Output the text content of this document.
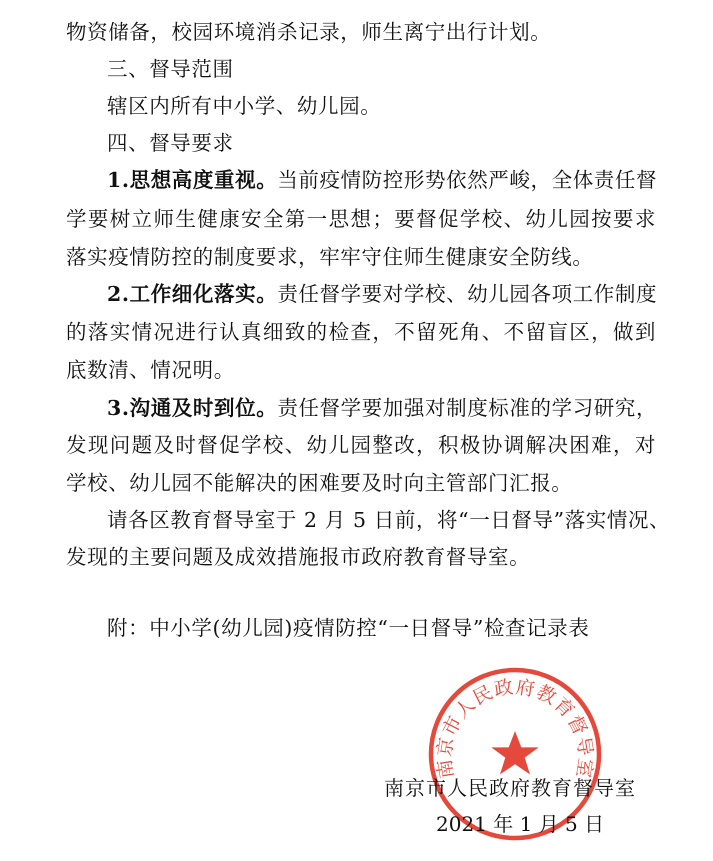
物资储备，校园环境消杀记录，师生离宁出行计划。
三、督导范围
辖区内所有中小学、幼儿园。
四、督导要求
1.思想高度重视。当前疫情防控形势依然严峻，全体责任督
学要树立师生健康安全第一思想；要督促学校、幼儿园按要求
落实疫情防控的制度要求，牢牢守住师生健康安全防线。
2.工作细化落实。责任督学要对学校、幼儿园各项工作制度
的落实情况进行认真细致的检查，不留死角、不留盲区，做到
底数清、情况明。
3.沟通及时到位。责任督学要加强对制度标准的学习研究，
发现问题及时督促学校、幼儿园整改，积极协调解决困难，对
学校、幼儿园不能解决的困难要及时向主管部门汇报。
请各区教育督导室于 2 月 5 日前，将“一日督导”落实情况、
发现的主要问题及成效措施报市政府教育督导室。
附：中小学(幼儿园)疫情防控“一日督导”检查记录表
南京市人民政府教育督导室
南京市人民政府教育督导室
2021 年 1 月 5 日
